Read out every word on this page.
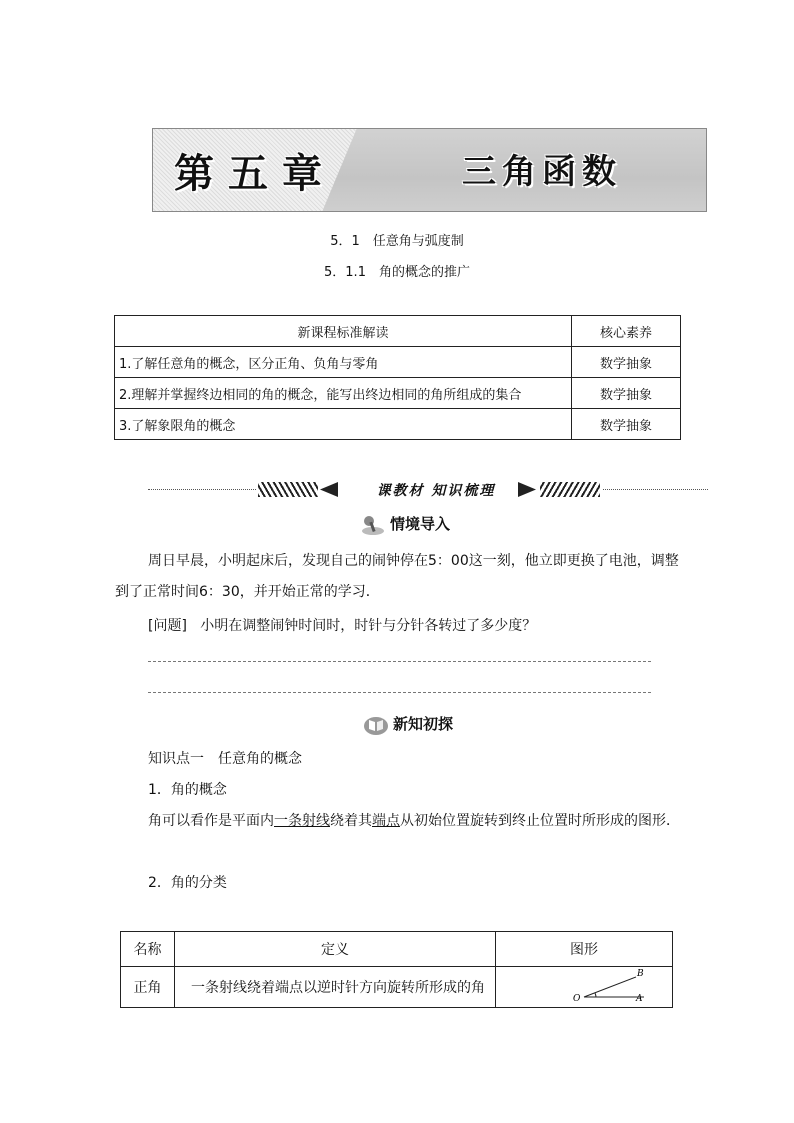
第五章	三角函数
5．1　任意角与弧度制
5．1.1　角的概念的推广
新课程标准解读	核心素养
1.了解任意角的概念，区分正角、负角与零角	数学抽象
2.理解并掌握终边相同的角的概念，能写出终边相同的角所组成的集合	数学抽象
3.了解象限角的概念	数学抽象
课教材 知识梳理
情境导入

周日早晨，小明起床后，发现自己的闹钟停在5：00这一刻，他立即更换了电池，调整到了正常时间6：30，并开始正常的学习．

[问题] 小明在调整闹钟时间时，时针与分针各转过了多少度？

新知初探

知识点一　任意角的概念

1．角的概念

角可以看作是平面内一条射线绕着其端点从初始位置旋转到终止位置时所形成的图形．

2．角的分类

名称	定义	图形
正角	一条射线绕着端点以逆时针方向旋转所形成的角	O A
B
